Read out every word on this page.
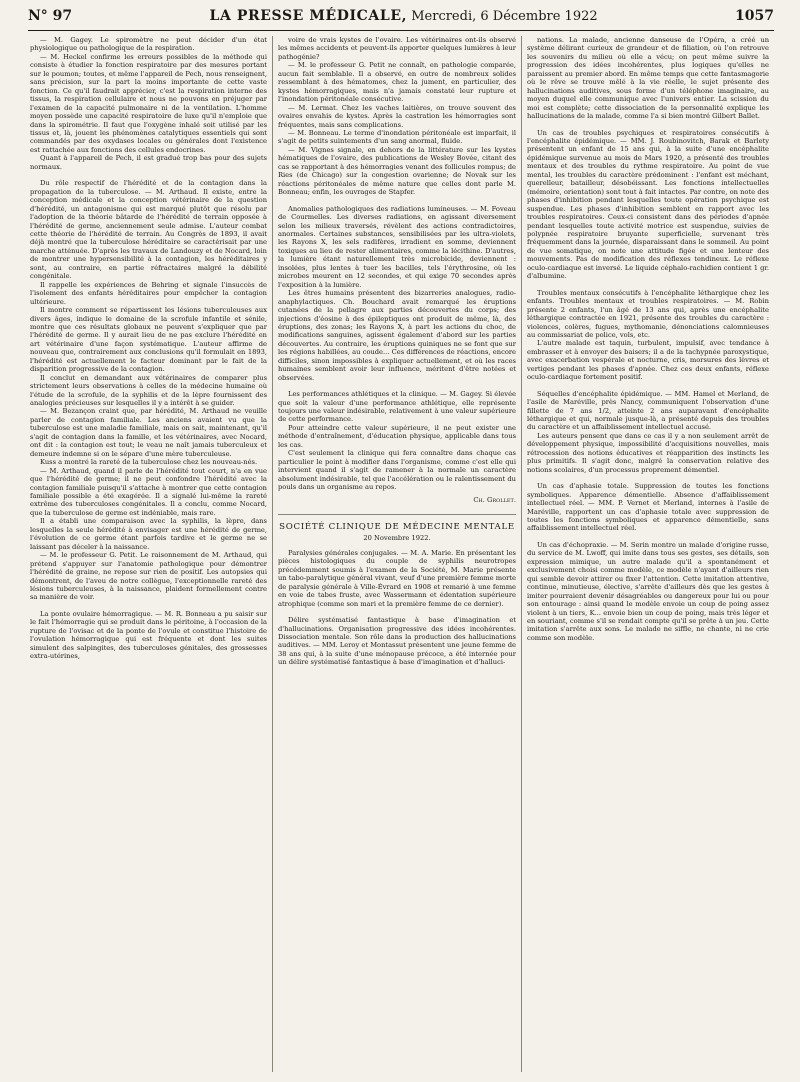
N° 97	LA PRESSE MÉDICALE, Mercredi, 6 Décembre 1922	1057

— M. Gagey. Le spiromètre ne peut décider d'un état physiologique ou pathologique de la respiration.

— M. Heckel confirme les erreurs possibles de la méthode qui consiste à étudier la fonction respiratoire par des mesures portant sur le poumon; toutes, et même l'appareil de Pech, nous renseignent, sans précision, sur la part la moins importante de cette vaste fonction. Ce qu'il faudrait apprécier, c'est la respiration interne des tissus, la respiration cellulaire et nous ne pouvons en préjuger par l'examen de la capacité pulmonaire ni de la ventilation. L'homme moyen possède une capacité respiratoire de luxe qu'il n'emploie que dans la spirométrie. Il faut que l'oxygène inhalé soit utilisé par les tissus et, là, jouent les phénomènes catalytiques essentiels qui sont commandés par des oxydases locales ou générales dont l'existence est rattachée aux fonctions des cellules endocrines.

Quant à l'appareil de Pech, il est gradué trop bas pour des sujets normaux.

Du rôle respectif de l'hérédité et de la contagion dans la propagation de la tuberculose. — M. Arthaud. Il existe, entre la conception médicale et la conception vétérinaire de la question d'hérédité, un antagonisme qui est marqué plutôt que résolu par l'adoption de la théorie bâtarde de l'hérédité de terrain opposée à l'hérédité de germe, anciennement seule admise. L'auteur combat cette théorie de l'hérédité de terrain. Au Congrès de 1893, il avait déjà montré que la tuberculose héréditaire se caractérisait par une marche atténuée. D'après les travaux de Landouzy et de Nocard, loin de montrer une hypersensibilité à la contagion, les héréditaires y sont, au contraire, en partie réfractaires malgré la débilité congénitale.

Il rappelle les expériences de Behring et signale l'insuccès de l'isolement des enfants héréditaires pour empêcher la contagion ultérieure.

Il montre comment se répartissent les lésions tuberculeuses aux divers âges, indique le domaine de la scrofule infantile et sénile, montre que ces résultats globaux ne peuvent s'expliquer que par l'hérédité de germe. Il y aurait lieu de ne pas exclure l'hérédité en art vétérinaire d'une façon systématique. L'auteur affirme de nouveau que, contrairement aux conclusions qu'il formulait en 1893, l'hérédité est actuellement le facteur dominant par le fait de la disparition progressive de la contagion.

Il conclut en demandant aux vétérinaires de comparer plus strictement leurs observations à celles de la médecine humaine où l'étude de la scrofule, de la syphilis et de la lèpre fournissent des analogies précieuses sur lesquelles il y a intérêt à se guider.

— M. Bezançon craint que, par hérédité, M. Arthaud ne veuille parler de contagion familiale. Les anciens avaient vu que la tuberculose est une maladie familiale, mais on sait, maintenant, qu'il s'agit de contagion dans la famille, et les vétérinaires, avec Nocard, ont dit : la contagion est tout; le veau ne naît jamais tuberculeux et demeure indemne si on le sépare d'une mère tuberculeuse.

Kuss a montré la rareté de la tuberculose chez les nouveau-nés.

— M. Arthaud, quand il parle de l'hérédité tout court, n'a en vue que l'hérédité de germe; il ne peut confondre l'hérédité avec la contagion familiale puisqu'il s'attache à montrer que cette contagion familiale possible a été exagérée. Il a signalé lui-même la rareté extrême des tuberculoses congénitales. Il a conclu, comme Nocard, que la tuberculose de germe est indéniable, mais rare.

Il a établi une comparaison avec la syphilis, la lèpre, dans lesquelles la seule hérédité à envisager est une hérédité de germe, l'évolution de ce germe étant parfois tardive et le germe ne se laissant pas déceler à la naissance.

— M. le professeur G. Petit. Le raisonnement de M. Arthaud, qui prétend s'appuyer sur l'anatomie pathologique pour démontrer l'hérédité de graine, ne repose sur rien de positif. Les autopsies qui démontrent, de l'aveu de notre collègue, l'exceptionnelle rareté des lésions tuberculeuses, à la naissance, plaident formellement contre sa manière de voir.

La ponte ovulaire hémorragique. — M. R. Bonneau a pu saisir sur le fait l'hémorragie qui se produit dans le péritoine, à l'occasion de la rupture de l'ovisac et de la ponte de l'ovule et constitue l'histoire de l'ovulation hémorragique qui est fréquente et dont les suites simulent des salpingites, des tuberculoses génitales, des grossesses extra-utérines,

voire de vrais kystes de l'ovaire. Les vétérinaires ont-ils observé les mêmes accidents et peuvent-ils apporter quelques lumières à leur pathogénie?

— M. le professeur G. Petit ne connaît, en pathologie comparée, aucun fait semblable. Il a observé, en outre de nombreux solides ressemblant à des hématomes, chez la jument, en particulier, des kystes hémorragiques, mais n'a jamais constaté leur rupture et l'inondation péritonéale consécutive.

— M. Lermat. Chez les vaches laitières, on trouve souvent des ovaires envahis de kystes. Après la castration les hémorragies sont fréquentes, mais sans complications.

— M. Bonneau. Le terme d'inondation péritonéale est imparfait, il s'agit de petits suintements d'un sang anormal, fluide.

— M. Vignes signale, en dehors de la littérature sur les kystes hématiques de l'ovaire, des publications de Wesley Bovée, citant des cas se rapportant à des hémorragies venant des follicules rompus; de Ries (de Chicago) sur la congestion ovarienne; de Novak sur les réactions péritonéales de même nature que celles dont parle M. Bonneau; enfin, les ouvrages de Stapfer.

Anomalies pathologiques des radiations lumineuses. — M. Foveau de Courmelles. Les diverses radiations, en agissant diversement selon les milieux traversés, révèlent des actions contradictoires, anormales. Certaines substances, sensibilisées par les ultra-violets, les Rayons X, les sels radifères, irradient en somme, deviennent toxiques au lieu de rester alimentaires, comme la lécithine. D'autres, la lumière étant naturellement très microbicide, deviennent : insolées, plus lentes à tuer les bacilles, tels l'érythrosine, où les microbes meurent en 12 secondes, et qui exige 70 secondes après l'exposition à la lumière.

Les êtres humains présentent des bizarreries analogues, radio-anaphylactiques. Ch. Bouchard avait remarqué les éruptions cutanées de la pellagre aux parties découvertes du corps; des injections d'éosine à des épileptiques ont produit de même, là, des éruptions, des zonas; les Rayons X, à part les actions du choc, de modifications sanguines, agissent également d'abord sur les parties découvertes. Au contraire, les éruptions quiniques ne se font que sur les régions habillées, au coude... Ces différences de réactions, encore difficiles, sinon impossibles à expliquer actuellement, et où les races humaines semblent avoir leur influence, méritent d'être notées et observées.

Les performances athlétiques et la clinique. — M. Gagey. Si élevée que soit la valeur d'une performance athlétique, elle représente toujours une valeur indésirable, relativement à une valeur supérieure de cette performance.

Pour atteindre cette valeur supérieure, il ne peut exister une méthode d'entraînement, d'éducation physique, applicable dans tous les cas.

C'est seulement la clinique qui fera connaître dans chaque cas particulier le point à modifier dans l'organisme, comme c'est elle qui intervient quand il s'agit de ramener à la normale un caractère absolument indésirable, tel que l'accélération ou le ralentissement du pouls dans un organisme au repos.

Ch. Grollet.

SOCIÉTÉ CLINIQUE DE MÉDECINE MENTALE

20 Novembre 1922.

Paralysies générales conjugales. — M. A. Marie. En présentant les pièces histologiques du couple de syphilis neurotropes précédemment soumis à l'examen de la Société, M. Marie présente un tabo-paralytique général vivant, veuf d'une première femme morte de paralysie générale à Ville-Évrard en 1908 et remarié à une femme en voie de tabes fruste, avec Wassermann et édentation supérieure atrophique (comme son mari et la première femme de ce dernier).

Délire systématisé fantastique à base d'imagination et d'hallucinations. Organisation progressive des idées incohérentes. Dissociation mentale. Son rôle dans la production des hallucinations auditives. — MM. Leroy et Montassut présentent une jeune femme de 38 ans qui, à la suite d'une ménopause précoce, a été internée pour un délire systématisé fantastique à base d'imagination et d'halluci-

nations. La malade, ancienne danseuse de l'Opéra, a créé un système délirant curieux de grandeur et de filiation, où l'on retrouve les souvenirs du milieu où elle a vécu; on peut même suivre la progression des idées incohérentes, plus logiques qu'elles ne paraissent au premier abord. En même temps que cette fantasmagorie où le rêve se trouve mêlé à la vie réelle, le sujet présente des hallucinations auditives, sous forme d'un téléphone imaginaire, au moyen duquel elle communique avec l'univers entier. La scission du moi est complète; cette dissociation de la personnalité explique les hallucinations de la malade, comme l'a si bien montré Gilbert Ballet.

Un cas de troubles psychiques et respiratoires consécutifs à l'encéphalite épidémique. — MM. J. Roubinovitch, Barak et Barlety présentent un enfant de 15 ans qui, à la suite d'une encéphalite épidémique survenue au mois de Mars 1920, a présenté des troubles mentaux et des troubles du rythme respiratoire. Au point de vue mental, les troubles du caractère prédominent : l'enfant est méchant, querelleur, batailleur, désobéissant. Les fonctions intellectuelles (mémoire, orientation) sont tout à fait intactes. Par contre, on note des phases d'inhibition pendant lesquelles toute opération psychique est suspendue. Les phases d'inhibition semblent en rapport avec les troubles respiratoires. Ceux-ci consistent dans des périodes d'apnée pendant lesquelles toute activité motrice est suspendue, suivies de polypnée respiratoire bruyante superficielle, survenant très fréquemment dans la journée, disparaissant dans le sommeil. Au point de vue somatique, on note une attitude figée et une lenteur des mouvements. Pas de modification des réflexes tendineux. Le réflexe oculo-cardiaque est inversé. Le liquide céphalo-rachidien contient 1 gr. d'albumine.

Troubles mentaux consécutifs à l'encéphalite léthargique chez les enfants. Troubles mentaux et troubles respiratoires. — M. Robin présente 2 enfants, l'un âgé de 13 ans qui, après une encéphalite léthargique contractée en 1921, présente des troubles du caractère : violences, colères, fugues, mythomanie, dénonciations calomnieuses au commissariat de police, vols, etc.

L'autre malade est taquin, turbulent, impulsif, avec tendance à embrasser et à envoyer des baisers; il a de la tachypnée paroxystique, avec exacerbation vespérale et nocturne, cris, morsures des lèvres et vertiges pendant les phases d'apnée. Chez ces deux enfants, réflexe oculo-cardiaque fortement positif.

Séquelles d'encéphalite épidémique. — MM. Hamel et Merland, de l'asile de Maréville, près Nancy, communiquent l'observation d'une fillette de 7 ans 1/2, atteinte 2 ans auparavant d'encéphalite léthargique et qui, normale jusque-là, a présenté depuis des troubles du caractère et un affaiblissement intellectuel accusé.

Les auteurs pensent que dans ce cas il y a non seulement arrêt de développement physique, impossibilité d'acquisitions nouvelles, mais rétrocession des notions éducatives et réapparition des instincts les plus primitifs. Il s'agit donc, malgré la conservation relative des notions scolaires, d'un processus proprement démentiel.

Un cas d'aphasie totale. Suppression de toutes les fonctions symboliques. Apparence démentielle. Absence d'affaiblissement intellectuel réel. — MM. P. Vernet et Merland, internes à l'asile de Maréville, rapportent un cas d'aphasie totale avec suppression de toutes les fonctions symboliques et apparence démentielle, sans affaiblissement intellectuel réel.

Un cas d'échopraxie. — M. Serin montre un malade d'origine russe, du service de M. Lwoff, qui imite dans tous ses gestes, ses détails, son expression mimique, un autre malade qu'il a spontanément et exclusivement choisi comme modèle, ce modèle n'ayant d'ailleurs rien qui semble devoir attirer ou fixer l'attention. Cette imitation attentive, continue, minutieuse, élective, s'arrête d'ailleurs dès que les gestes à imiter pourraient devenir désagréables ou dangereux pour lui ou pour son entourage : ainsi quand le modèle envoie un coup de poing assez violent à un tiers, K... envoie bien un coup de poing, mais très léger et en souriant, comme s'il se rendait compte qu'il se prête à un jeu. Cette imitation s'arrête aux sons. Le malade ne siffle, ne chante, ni ne crie comme son modèle.
